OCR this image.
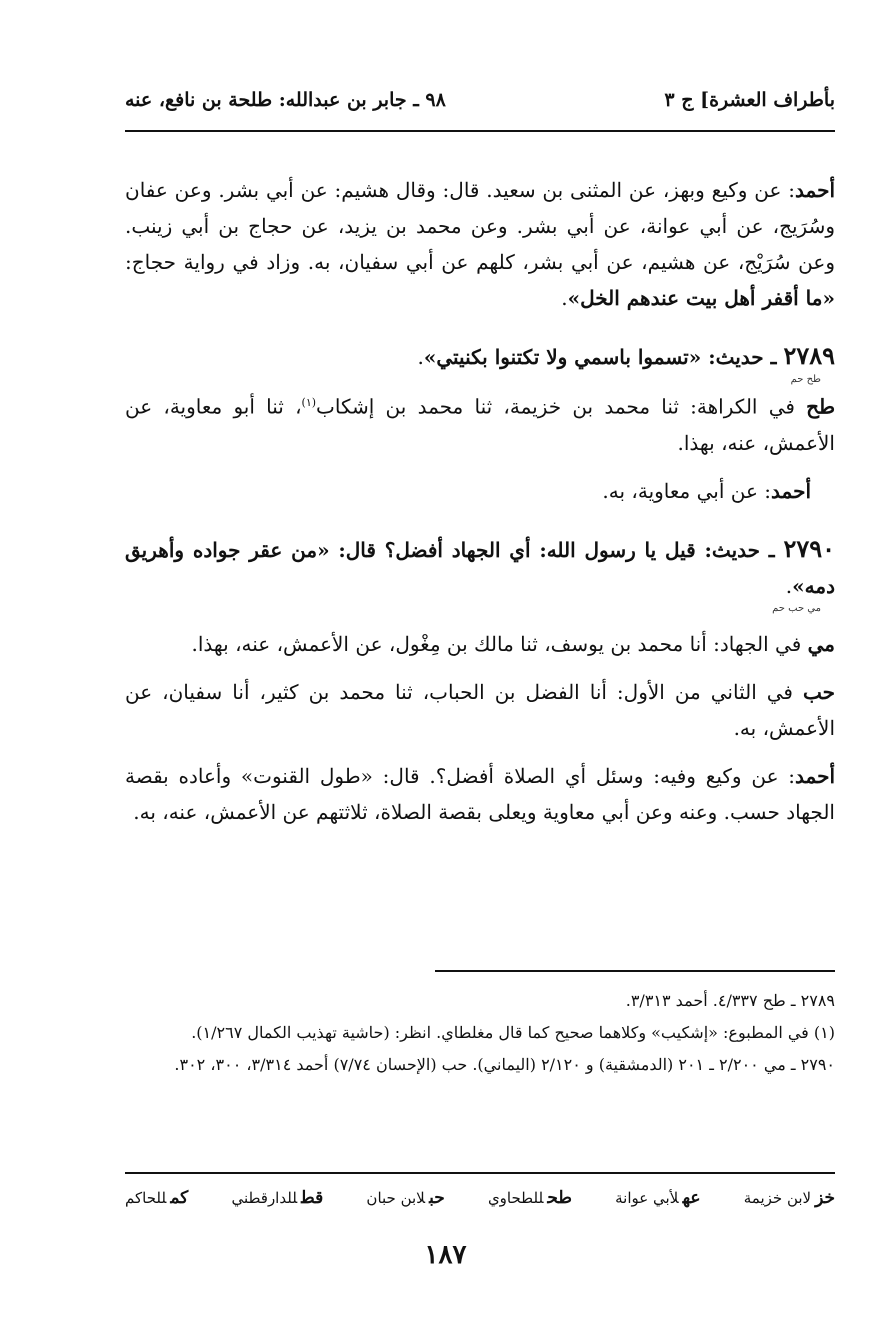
بأطراف العشرة] ج ٣
٩٨ ـ جابر بن عبدالله: طلحة بن نافع، عنه

أحمد: عن وكيع وبهز، عن المثنى بن سعيد. قال: وقال هشيم: عن أبي بشر. وعن عفان وسُرَيج، عن أبي عوانة، عن أبي بشر. وعن محمد بن يزيد، عن حجاج بن أبي زينب. وعن سُرَيْج، عن هشيم، عن أبي بشر، كلهم عن أبي سفيان، به. وزاد في رواية حجاج: «ما أقفر أهل بيت عندهم الخل».

٢٧٨٩ ـ حديث: «تسموا باسمي ولا تكتنوا بكنيتي».
طح حم

طح في الكراهة: ثنا محمد بن خزيمة، ثنا محمد بن إشكاب$^{(١)}$، ثنا أبو معاوية، عن الأعمش، عنه، بهذا.

أحمد: عن أبي معاوية، به.

٢٧٩٠ ـ حديث: قيل يا رسول الله: أي الجهاد أفضل؟ قال: «من عقر جواده وأهريق دمه».
مي حب حم

مي في الجهاد: أنا محمد بن يوسف، ثنا مالك بن مِغْول، عن الأعمش، عنه، بهذا.

حب في الثاني من الأول: أنا الفضل بن الحباب، ثنا محمد بن كثير، أنا سفيان، عن الأعمش، به.

أحمد: عن وكيع وفيه: وسئل أي الصلاة أفضل؟. قال: «طول القنوت» وأعاده بقصة الجهاد حسب. وعنه وعن أبي معاوية ويعلى بقصة الصلاة، ثلاثتهم عن الأعمش، عنه، به.

٢٧٨٩ ـ طح ٤/٣٣٧. أحمد ٣/٣١٣.

(١) في المطبوع: «إشكيب» وكلاهما صحيح كما قال مغلطاي. انظر: (حاشية تهذيب الكمال ١/٢٦٧).

٢٧٩٠ ـ مي ٢/٢٠٠ ـ ٢٠١ (الدمشقية) و ٢/١٢٠ (اليماني). حب (الإحسان ٧/٧٤) أحمد ٣/٣١٤، ٣٠٠، ٣٠٢.

خزلابن خزيمة
عهلأبي عوانة
طحللطحاوي
حبلابن حبان
قطللدارقطني
كمللحاكم
١٨٧
